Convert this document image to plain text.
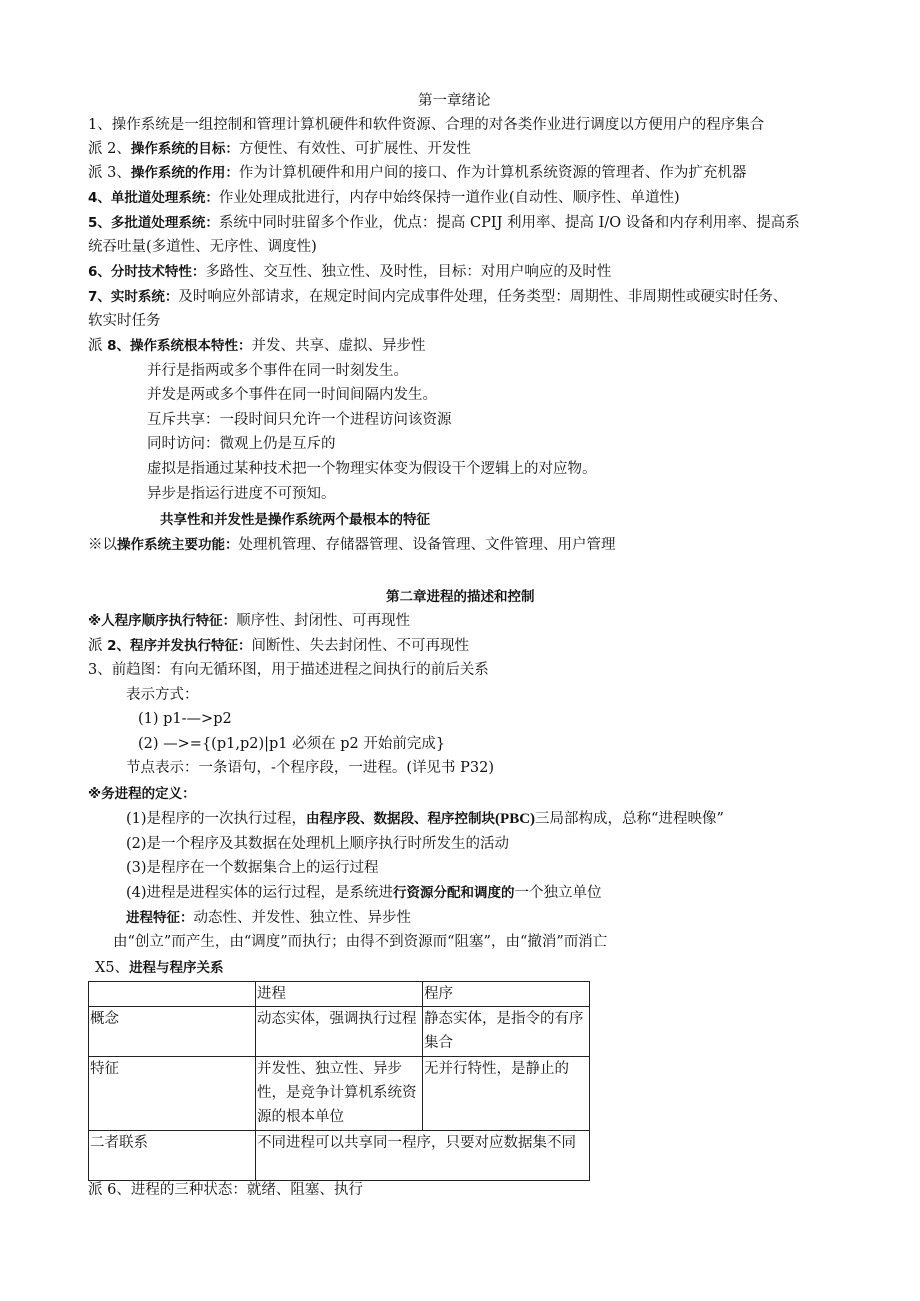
第一章绪论
1、操作系统是一组控制和管理计算机硬件和软件资源、合理的对各类作业进行调度以方便用户的程序集合
派 2、操作系统的目标：方便性、有效性、可扩展性、开发性
派 3、操作系统的作用：作为计算机硬件和用户间的接口、作为计算机系统资源的管理者、作为扩充机器
4、单批道处理系统：作业处理成批进行，内存中始终保持一道作业(自动性、顺序性、单道性)
5、多批道处理系统：系统中同时驻留多个作业，优点：提高 CPIJ 利用率、提高 I/O 设备和内存利用率、提高系
统吞吐量(多道性、无序性、调度性)
6、分时技术特性：多路性、交互性、独立性、及时性，目标：对用户响应的及时性
7、实时系统：及时响应外部请求，在规定时间内完成事件处理，任务类型：周期性、非周期性或硬实时任务、
软实时任务
派 8、操作系统根本特性：并发、共享、虚拟、异步性
并行是指两或多个事件在同一时刻发生。
并发是两或多个事件在同一时间间隔内发生。
互斥共享：一段时间只允许一个进程访问该资源
同时访问：微观上仍是互斥的
虚拟是指通过某种技术把一个物理实体变为假设干个逻辑上的对应物。
异步是指运行进度不可预知。
共享性和并发性是操作系统两个最根本的特征
※以操作系统主要功能：处理机管理、存储器管理、设备管理、文件管理、用户管理
第二章进程的描述和控制
※人程序顺序执行特征：顺序性、封闭性、可再现性
派 2、程序并发执行特征：间断性、失去封闭性、不可再现性
3、前趋图：有向无循环图，用于描述进程之间执行的前后关系
表示方式：
(1) p1-—>p2
(2) —>={(p1,p2)|p1 必须在 p2 开始前完成}
节点表示：一条语句，-个程序段，一进程。(详见书 P32)
※务进程的定义：
(1)是程序的一次执行过程，由程序段、数据段、程序控制块(PBC)三局部构成，总称“进程映像”
(2)是一个程序及其数据在处理机上顺序执行时所发生的活动
(3)是程序在一个数据集合上的运行过程
(4)进程是进程实体的运行过程，是系统进行资源分配和调度的一个独立单位
进程特征：动态性、并发性、独立性、异步性
由“创立”而产生，由“调度”而执行；由得不到资源而“阻塞”，由“撤消”而消亡
X5、进程与程序关系
	进程	程序
概念	动态实体，强调执行过程	静态实体，是指令的有序集合
特征	并发性、独立性、异步性，是竞争计算机系统资源的根本单位	无并行特性，是静止的
二者联系	不同进程可以共享同一程序，只要对应数据集不同	
派 6、进程的三种状态：就绪、阻塞、执行
